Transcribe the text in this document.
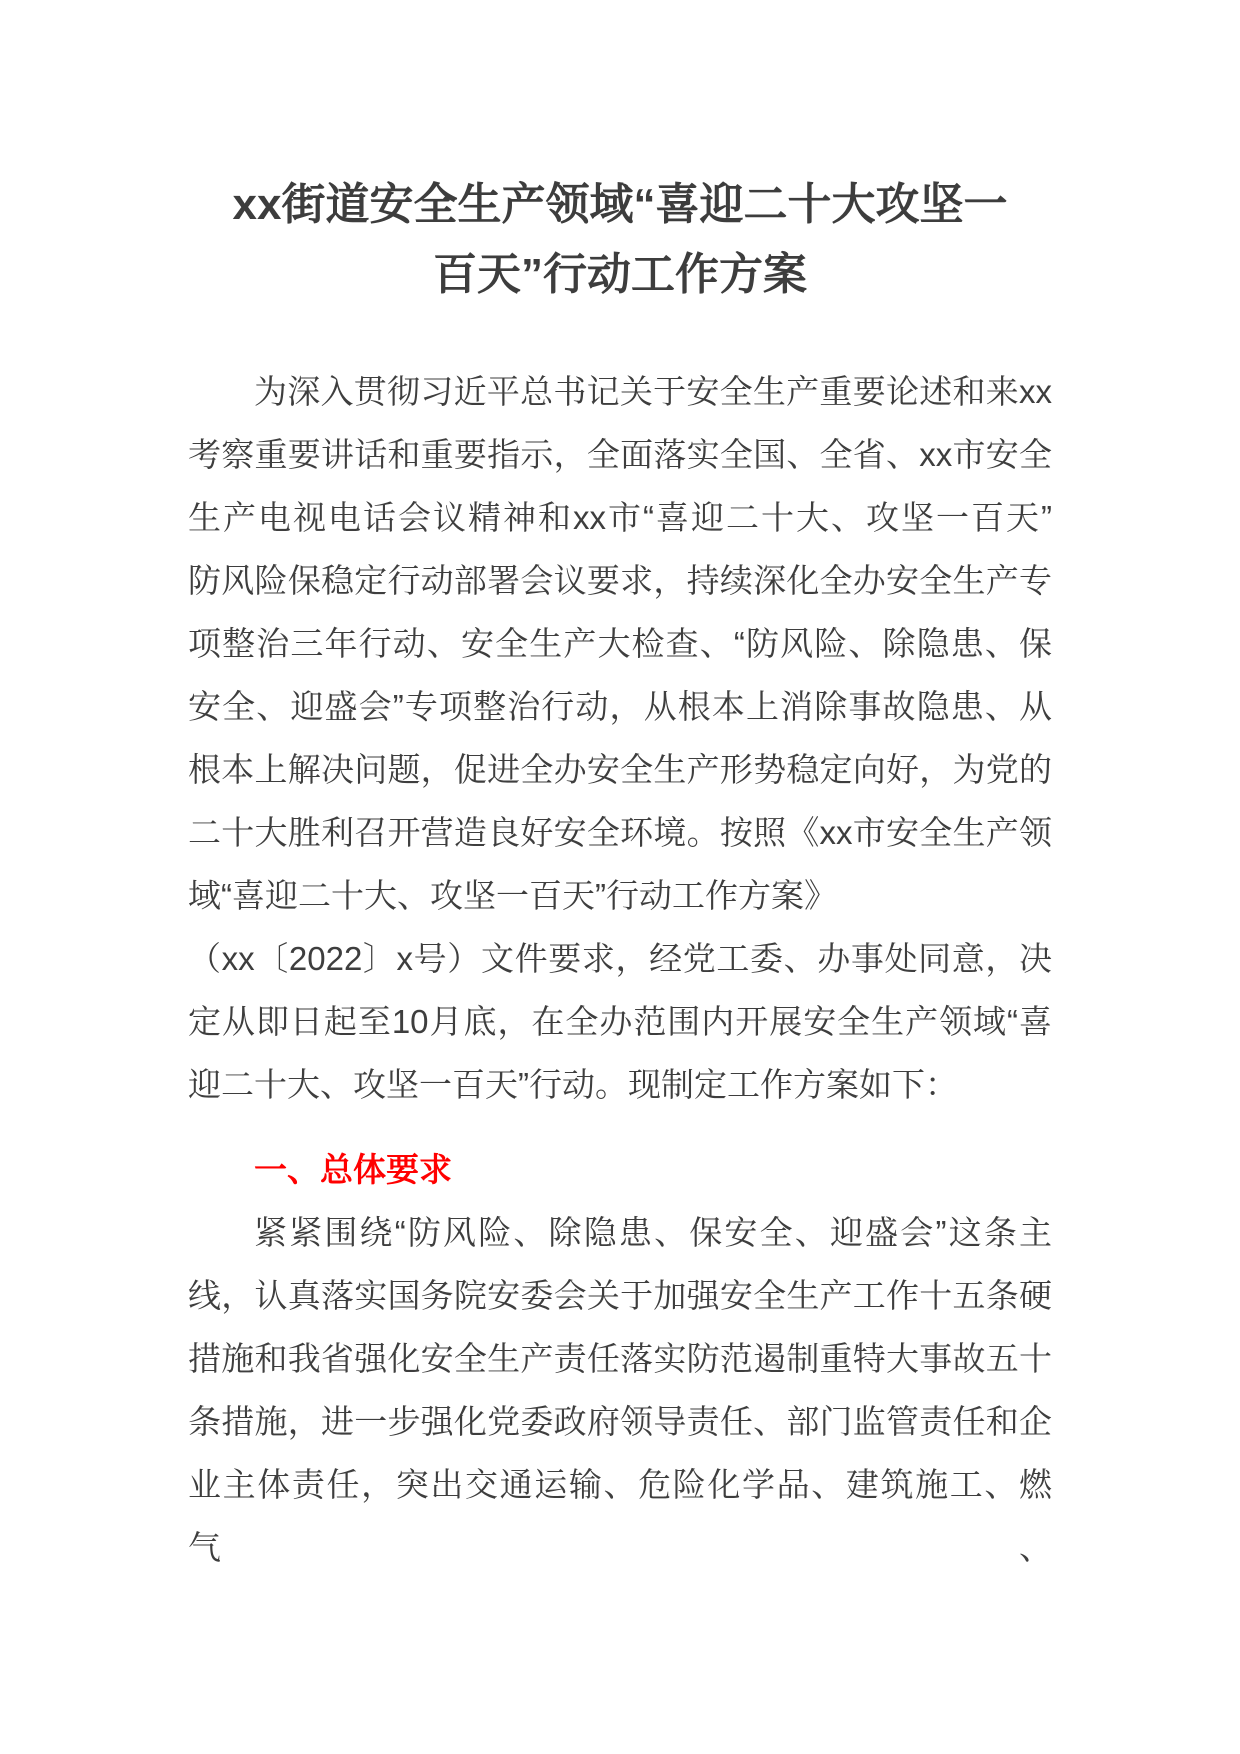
xx街道安全生产领域“喜迎二十大攻坚一
百天”行动工作方案
为深入贯彻习近平总书记关于安全生产重要论述和来xx
考察重要讲话和重要指示，全面落实全国、全省、xx市安全
生产电视电话会议精神和xx市“喜迎二十大、攻坚一百天”
防风险保稳定行动部署会议要求，持续深化全办安全生产专
项整治三年行动、安全生产大检查、“防风险、除隐患、保
安全、迎盛会”专项整治行动，从根本上消除事故隐患、从
根本上解决问题，促进全办安全生产形势稳定向好，为党的
二十大胜利召开营造良好安全环境。按照《xx市安全生产领
域“喜迎二十大、攻坚一百天”行动工作方案》
（xx〔2022〕x号）文件要求，经党工委、办事处同意，决
定从即日起至10月底，在全办范围内开展安全生产领域“喜
迎二十大、攻坚一百天”行动。现制定工作方案如下：
一、总体要求
紧紧围绕“防风险、除隐患、保安全、迎盛会”这条主
线，认真落实国务院安委会关于加强安全生产工作十五条硬
措施和我省强化安全生产责任落实防范遏制重特大事故五十
条措施，进一步强化党委政府领导责任、部门监管责任和企
业主体责任，突出交通运输、危险化学品、建筑施工、燃气、
